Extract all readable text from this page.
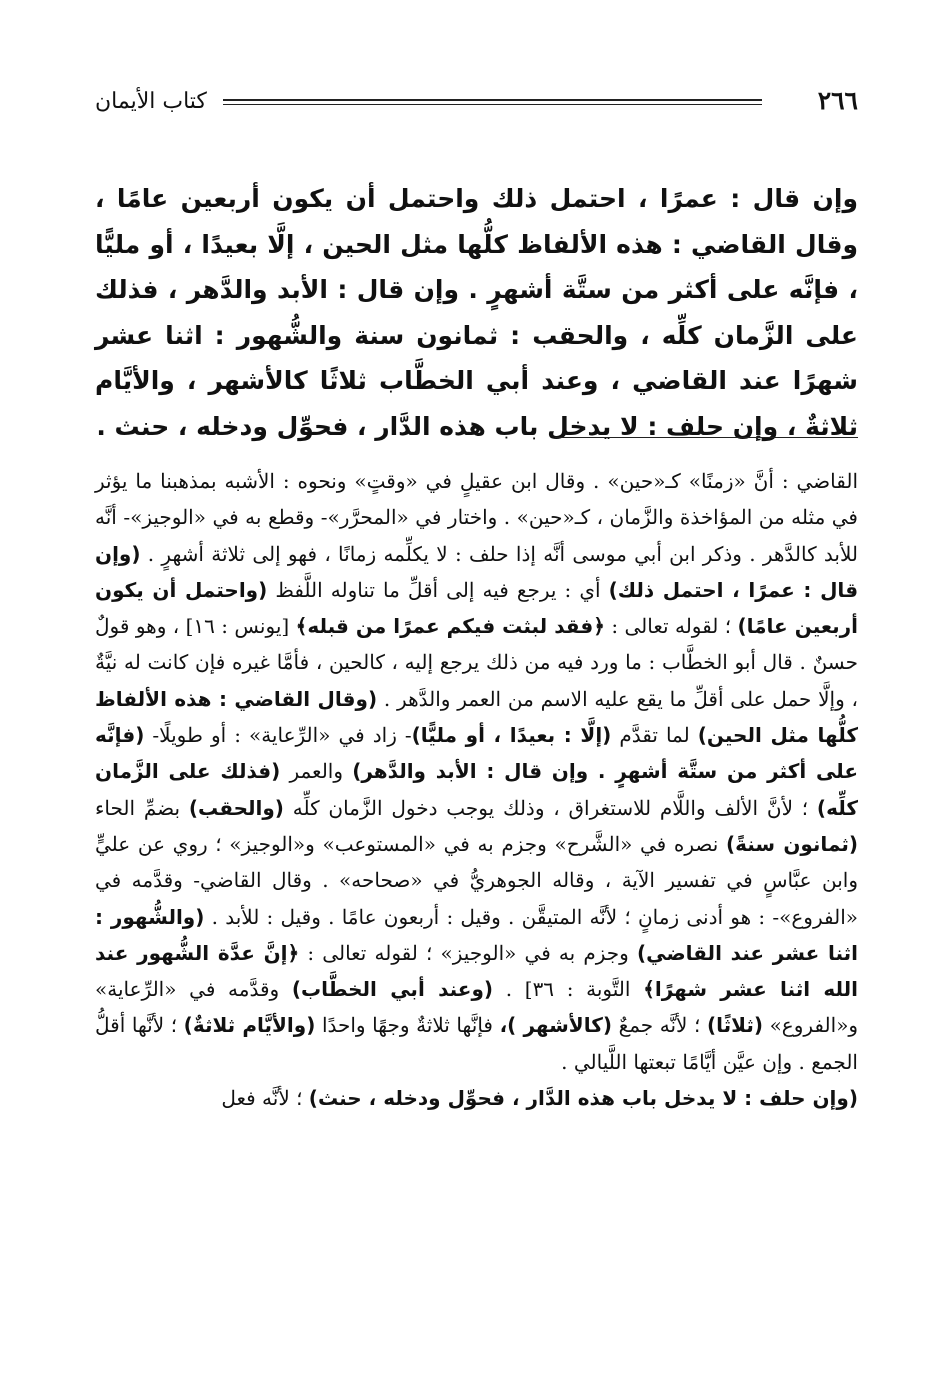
٢٦٦
كتاب الأيمان

وإن قال : عمرًا ، احتمل ذلك واحتمل أن يكون أربعين عامًا ، وقال القاضي : هذه الألفاظ كلُّها مثل الحين ، إلَّا بعيدًا ، أو مليًّا ، فإنَّه على أكثر من ستَّة أشهرٍ . وإن قال : الأبد والدَّهر ، فذلك على الزَّمان كلِّه ، والحقب : ثمانون سنة والشُّهور : اثنا عشر شهرًا عند القاضي ، وعند أبي الخطَّاب ثلاثًا كالأشهر ، والأيَّام ثلاثةٌ ، وإن حلف : لا يدخل باب هذه الدَّار ، فحوِّل ودخله ، حنث .

القاضي : أنَّ «زمنًا» كـ«حين» . وقال ابن عقيلٍ في «وقتٍ» ونحوه : الأشبه بمذهبنا ما يؤثر في مثله من المؤاخذة والزَّمان ، كـ«حين» . واختار في «المحرَّر»- وقطع به في «الوجيز»- أنَّه للأبد كالدَّهر . وذكر ابن أبي موسى أنَّه إذا حلف : لا يكلِّمه زمانًا ، فهو إلى ثلاثة أشهرٍ . (وإن قال : عمرًا ، احتمل ذلك) أي : يرجع فيه إلى أقلِّ ما تناوله اللَّفظ (واحتمل أن يكون أربعين عامًا) ؛ لقوله تعالى : ﴿فقد لبثت فيكم عمرًا من قبله﴾ [يونس : ١٦] ، وهو قولٌ حسنٌ . قال أبو الخطَّاب : ما ورد فيه من ذلك يرجع إليه ، كالحين ، فأمَّا غيره فإن كانت له نيَّةٌ ، وإلَّا حمل على أقلِّ ما يقع عليه الاسم من العمر والدَّهر . (وقال القاضي : هذه الألفاظ كلُّها مثل الحين) لما تقدَّم (إلَّا : بعيدًا ، أو مليًّا)- زاد في «الرِّعاية» : أو طويلًا- (فإنَّه على أكثر من ستَّة أشهرٍ . وإن قال : الأبد والدَّهر) والعمر (فذلك على الزَّمان كلِّه) ؛ لأنَّ الألف واللَّام للاستغراق ، وذلك يوجب دخول الزَّمان كلِّه (والحقب) بضمِّ الحاء (ثمانون سنةً) نصره في «الشَّرح» وجزم به في «المستوعب» و«الوجيز» ؛ روي عن عليٍّ وابن عبَّاسٍ في تفسير الآية ، وقاله الجوهريُّ في «صحاحه» . وقال القاضي- وقدَّمه في «الفروع»- : هو أدنى زمانٍ ؛ لأنَّه المتيقَّن . وقيل : أربعون عامًا . وقيل : للأبد . (والشُّهور : اثنا عشر عند القاضي) وجزم به في «الوجيز» ؛ لقوله تعالى : ﴿إنَّ عدَّة الشُّهور عند الله اثنا عشر شهرًا﴾ التَّوبة : ٣٦] . (وعند أبي الخطَّاب) وقدَّمه في «الرِّعاية» و«الفروع» (ثلاثًا) ؛ لأنَّه جمعٌ (كالأشهر )، فإنَّها ثلاثةٌ وجهًا واحدًا (والأيَّام ثلاثةٌ) ؛ لأنَّها أقلُّ الجمع . وإن عيَّن أيَّامًا تبعتها اللَّيالي .
(وإن حلف : لا يدخل باب هذه الدَّار ، فحوِّل ودخله ، حنث) ؛ لأنَّه فعل
